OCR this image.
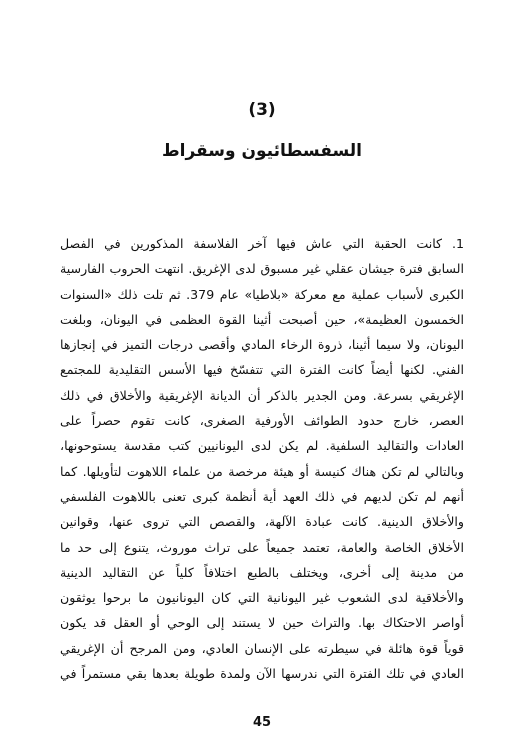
(3)
السفسطائيون وسقراط
1. كانت الحقبة التي عاش فيها آخر الفلاسفة المذكورين في الفصل
السابق فترة جيشان عقلي غير مسبوق لدى الإغريق. انتهت الحروب الفارسية
الكبرى لأسباب عملية مع معركة «بلاطيا» عام 379. ثم تلت ذلك «السنوات
الخمسون العظيمة»، حين أصبحت أثينا القوة العظمى في اليونان، وبلغت
اليونان، ولا سيما أثينا، ذروة الرخاء المادي وأقصى درجات التميز في إنجازها
الفني. لكنها أيضاً كانت الفترة التي تتفسّخ فيها الأسس التقليدية للمجتمع
الإغريقي بسرعة. ومن الجدير بالذكر أن الديانة الإغريقية والأخلاق في ذلك
العصر، خارج حدود الطوائف الأورفية الصغرى، كانت تقوم حصراً على
العادات والتقاليد السلفية. لم يكن لدى اليونانيين كتب مقدسة يستوحونها،
وبالتالي لم تكن هناك كنيسة أو هيئة مرخصة من علماء اللاهوت لتأويلها. كما
أنهم لم تكن لديهم في ذلك العهد أية أنظمة كبرى تعنى باللاهوت الفلسفي
والأخلاق الدينية. كانت عبادة الآلهة، والقصص التي تروى عنها، وقوانين
الأخلاق الخاصة والعامة، تعتمد جميعاً على تراث موروث، يتنوع إلى حد ما
من مدينة إلى أخرى، ويختلف بالطبع اختلافاً كلياً عن التقاليد الدينية
والأخلاقية لدى الشعوب غير اليونانية التي كان اليونانيون ما برحوا يوثقون
أواصر الاحتكاك بها. والتراث حين لا يستند إلى الوحي أو العقل قد يكون
قوياً قوة هائلة في سيطرته على الإنسان العادي، ومن المرجح أن الإغريقي
العادي في تلك الفترة التي ندرسها الآن ولمدة طويلة بعدها بقي مستمراً في
45
